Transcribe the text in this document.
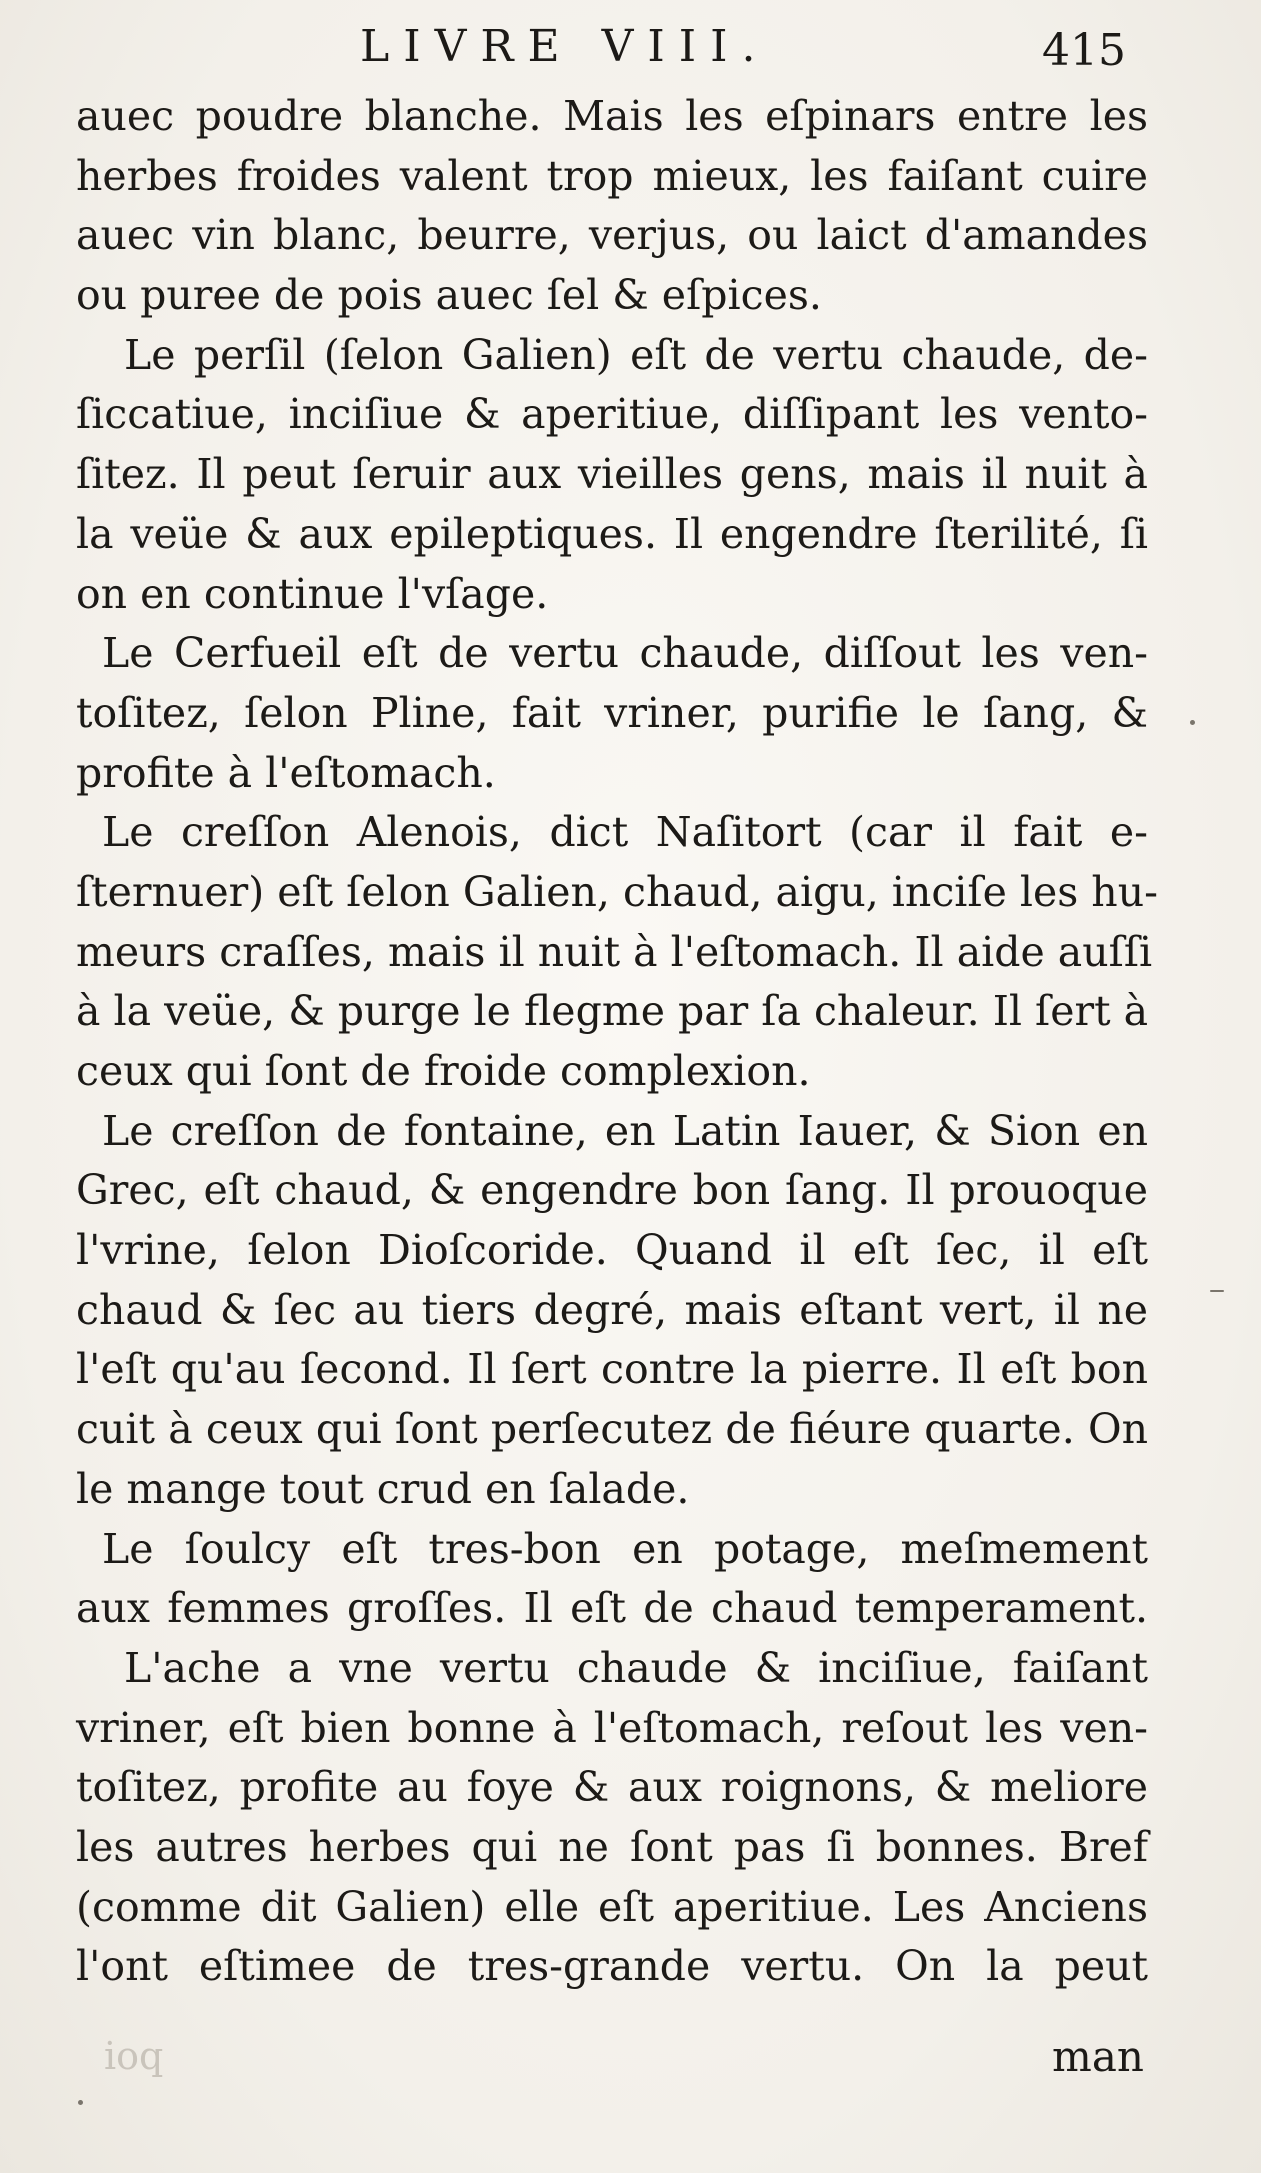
LIVRE VIII.	415
auec poudre blanche. Mais les eſpinars entre les
herbes froides valent trop mieux, les faiſant cuire
auec vin blanc, beurre, verjus, ou laict d'amandes
ou puree de pois auec ſel & eſpices.
Le perſil (ſelon Galien) eſt de vertu chaude, de-
ſiccatiue, inciſiue & aperitiue, diſſipant les vento-
ſitez. Il peut ſeruir aux vieilles gens, mais il nuit à
la veüe & aux epileptiques. Il engendre ſterilité, ſi
on en continue l'vſage.
Le Cerfueil eſt de vertu chaude, diſſout les ven-
toſitez, ſelon Pline, fait vriner, purifie le ſang, &
profite à l'eſtomach.
Le creſſon Alenois, dict Naſitort (car il fait e-
ſternuer) eſt ſelon Galien, chaud, aigu, inciſe les hu-
meurs craſſes, mais il nuit à l'eſtomach. Il aide auſſi
à la veüe, & purge le flegme par ſa chaleur. Il ſert à
ceux qui ſont de froide complexion.
Le creſſon de fontaine, en Latin Iauer, & Sion en
Grec, eſt chaud, & engendre bon ſang. Il prouoque
l'vrine, ſelon Dioſcoride. Quand il eſt ſec, il eſt
chaud & ſec au tiers degré, mais eſtant vert, il ne
l'eſt qu'au ſecond. Il ſert contre la pierre. Il eſt bon
cuit à ceux qui ſont perſecutez de fiéure quarte. On
le mange tout crud en ſalade.
Le ſoulcy eſt tres-bon en potage, meſmement
aux femmes groſſes. Il eſt de chaud temperament.
L'ache a vne vertu chaude & inciſiue, faiſant
vriner, eſt bien bonne à l'eſtomach, reſout les ven-
toſitez, profite au foye & aux roignons, & meliore
les autres herbes qui ne ſont pas ſi bonnes. Bref
(comme dit Galien) elle eſt aperitiue. Les Anciens
l'ont eſtimee de tres-grande vertu. On la peut
ioq	man
